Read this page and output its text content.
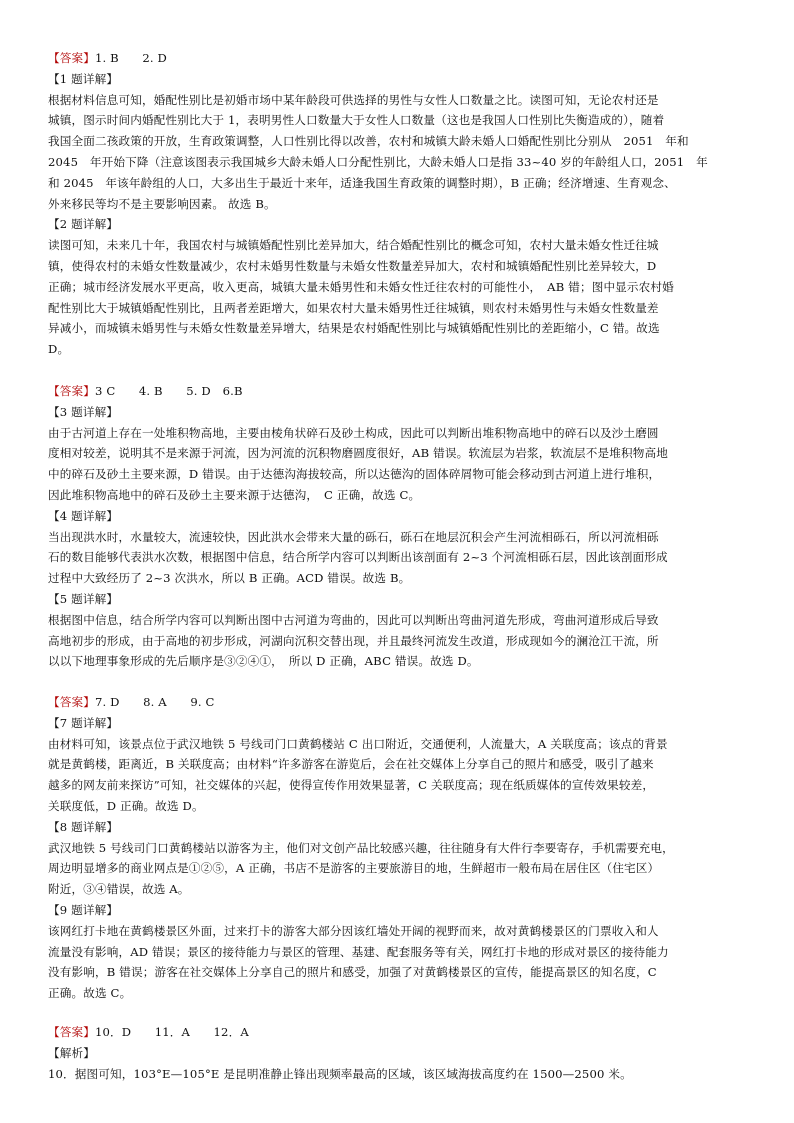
【答案】1. B　　2. D
【1 题详解】
根据材料信息可知，婚配性别比是初婚市场中某年龄段可供选择的男性与女性人口数量之比。读图可知，无论农村还是
城镇，图示时间内婚配性别比大于 1，表明男性人口数量大于女性人口数量（这也是我国人口性别比失衡造成的），随着
我国全面二孩政策的开放，生育政策调整，人口性别比得以改善，农村和城镇大龄未婚人口婚配性别比分别从　2051　年和
2045　年开始下降（注意该图表示我国城乡大龄未婚人口分配性别比，大龄未婚人口是指 33~40 岁的年龄组人口，2051　年
和 2045　年该年龄组的人口，大多出生于最近十来年，适逢我国生育政策的调整时期），B 正确；经济增速、生育观念、
外来移民等均不是主要影响因素。 故选 B。
【2 题详解】
读图可知，未来几十年，我国农村与城镇婚配性别比差异加大，结合婚配性别比的概念可知，农村大量未婚女性迁往城
镇，使得农村的未婚女性数量减少，农村未婚男性数量与未婚女性数量差异加大，农村和城镇婚配性别比差异较大，D
正确；城市经济发展水平更高，收入更高，城镇大量未婚男性和未婚女性迁往农村的可能性小，　AB 错；图中显示农村婚
配性别比大于城镇婚配性别比，且两者差距增大，如果农村大量未婚男性迁往城镇，则农村未婚男性与未婚女性数量差
异减小，而城镇未婚男性与未婚女性数量差异增大，结果是农村婚配性别比与城镇婚配性别比的差距缩小，C 错。故选
D。
【答案】3 C　　4. B　　5. D　6.B
【3 题详解】
由于古河道上存在一处堆积物高地，主要由棱角状碎石及砂土构成，因此可以判断出堆积物高地中的碎石以及沙土磨圆
度相对较差，说明其不是来源于河流，因为河流的沉积物磨圆度很好，AB 错误。软流层为岩浆，软流层不是堆积物高地
中的碎石及砂土主要来源，D 错误。由于达德沟海拔较高，所以达德沟的固体碎屑物可能会移动到古河道上进行堆积，
因此堆积物高地中的碎石及砂土主要来源于达德沟，　C 正确，故选 C。
【4 题详解】
当出现洪水时，水量较大，流速较快，因此洪水会带来大量的砾石，砾石在地层沉积会产生河流相砾石，所以河流相砾
石的数目能够代表洪水次数，根据图中信息，结合所学内容可以判断出该剖面有 2~3 个河流相砾石层，因此该剖面形成
过程中大致经历了 2~3 次洪水，所以 B 正确。ACD 错误。故选 B。
【5 题详解】
根据图中信息，结合所学内容可以判断出图中古河道为弯曲的，因此可以判断出弯曲河道先形成，弯曲河道形成后导致
高地初步的形成，由于高地的初步形成，河湖向沉积交替出现，并且最终河流发生改道，形成现如今的澜沧江干流，所
以以下地理事象形成的先后顺序是③②④①，　所以 D 正确，ABC 错误。故选 D。
【答案】7. D　　8. A　　9. C
【7 题详解】
由材料可知，该景点位于武汉地铁 5 号线司门口黄鹤楼站 C 出口附近，交通便利，人流量大，A 关联度高；该点的背景
就是黄鹤楼，距离近，B 关联度高；由材料“许多游客在游览后，会在社交媒体上分享自己的照片和感受，吸引了越来
越多的网友前来探访”可知，社交媒体的兴起，使得宣传作用效果显著，C 关联度高；现在纸质媒体的宣传效果较差，
关联度低，D 正确。故选 D。
【8 题详解】
武汉地铁 5 号线司门口黄鹤楼站以游客为主，他们对文创产品比较感兴趣，往往随身有大件行李要寄存，手机需要充电，
周边明显增多的商业网点是①②⑤，A 正确，书店不是游客的主要旅游目的地，生鲜超市一般布局在居住区（住宅区）
附近，③④错误，故选 A。
【9 题详解】
该网红打卡地在黄鹤楼景区外面，过来打卡的游客大部分因该红墙处开阔的视野而来，故对黄鹤楼景区的门票收入和人
流量没有影响，AD 错误；景区的接待能力与景区的管理、基建、配套服务等有关，网红打卡地的形成对景区的接待能力
没有影响，B 错误；游客在社交媒体上分享自己的照片和感受，加强了对黄鹤楼景区的宣传，能提高景区的知名度，C
正确。故选 C。
【答案】10．D　　11．A　　12．A
【解析】
10．据图可知，103°E—105°E 是昆明准静止锋出现频率最高的区域，该区域海拔高度约在 1500—2500 米。
